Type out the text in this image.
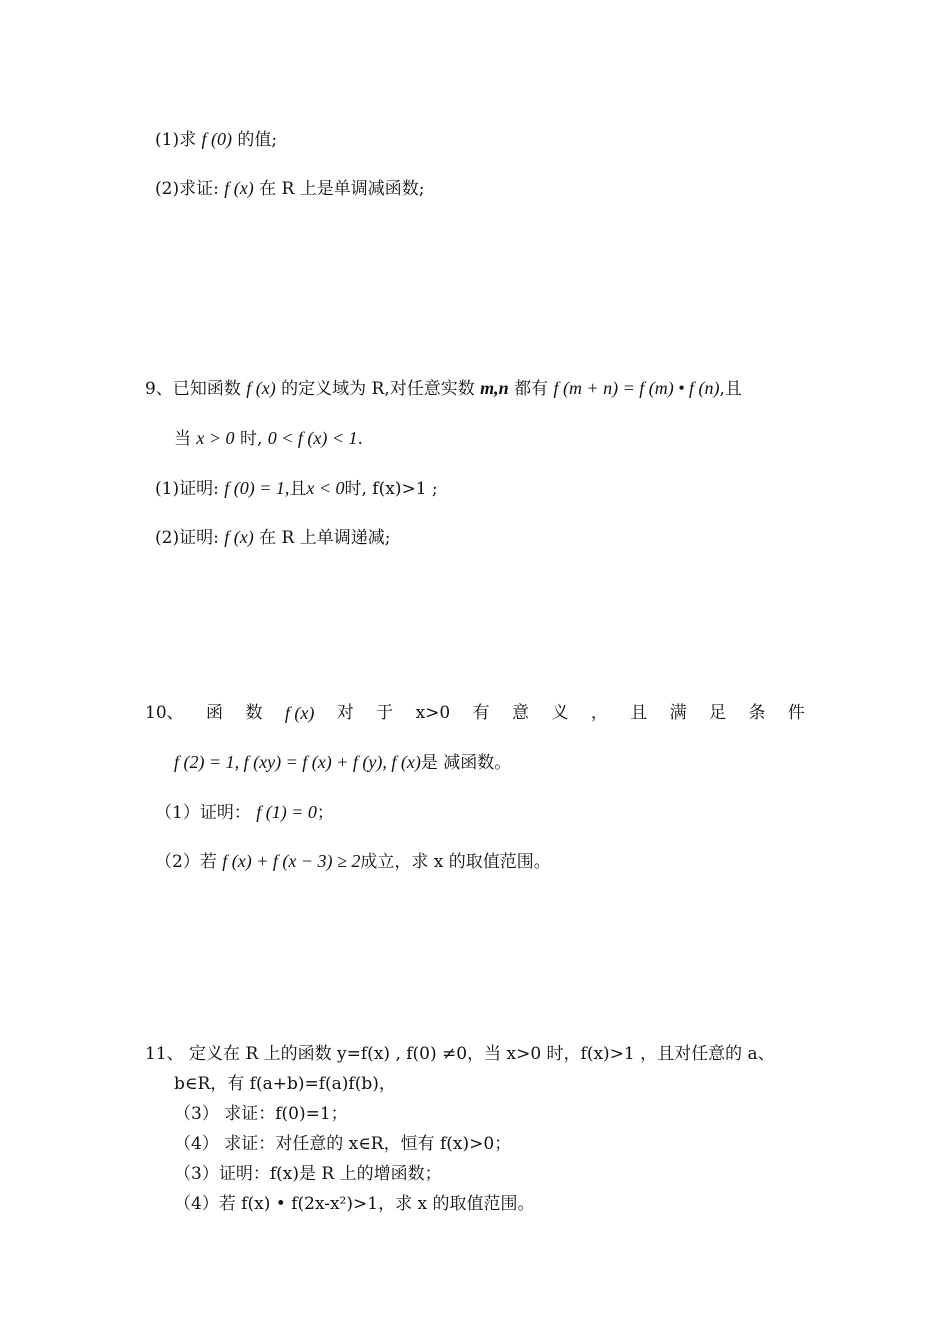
(1)求 f (0) 的值;
(2)求证: f (x) 在 R 上是单调减函数;
9、已知函数 f (x) 的定义域为 R,对任意实数 m,n 都有 f (m + n) = f (m) • f (n),且
当 x > 0 时, 0 < f (x) < 1.
(1)证明: f (0) = 1,且x < 0时, f(x)>1 ;
(2)证明: f (x) 在 R 上单调递减;
10、 函 数 f (x) 对 于 x>0 有 意 义 ， 且 满 足 条 件
f (2) = 1, f (xy) = f (x) + f (y), f (x)是 减函数。
（1）证明： f (1) = 0；
（2）若 f (x) + f (x − 3) ≥ 2成立，求 x 的取值范围。
11、 定义在 R 上的函数 y=f(x) , f(0) ≠0，当 x>0 时，f(x)>1 ，且对任意的 a、
b∈R，有 f(a+b)=f(a)f(b)，
（3） 求证：f(0)=1；
（4） 求证：对任意的 x∈R，恒有 f(x)>0；
（3）证明：f(x)是 R 上的增函数；
（4）若 f(x) • f(2x-x²)>1，求 x 的取值范围。
